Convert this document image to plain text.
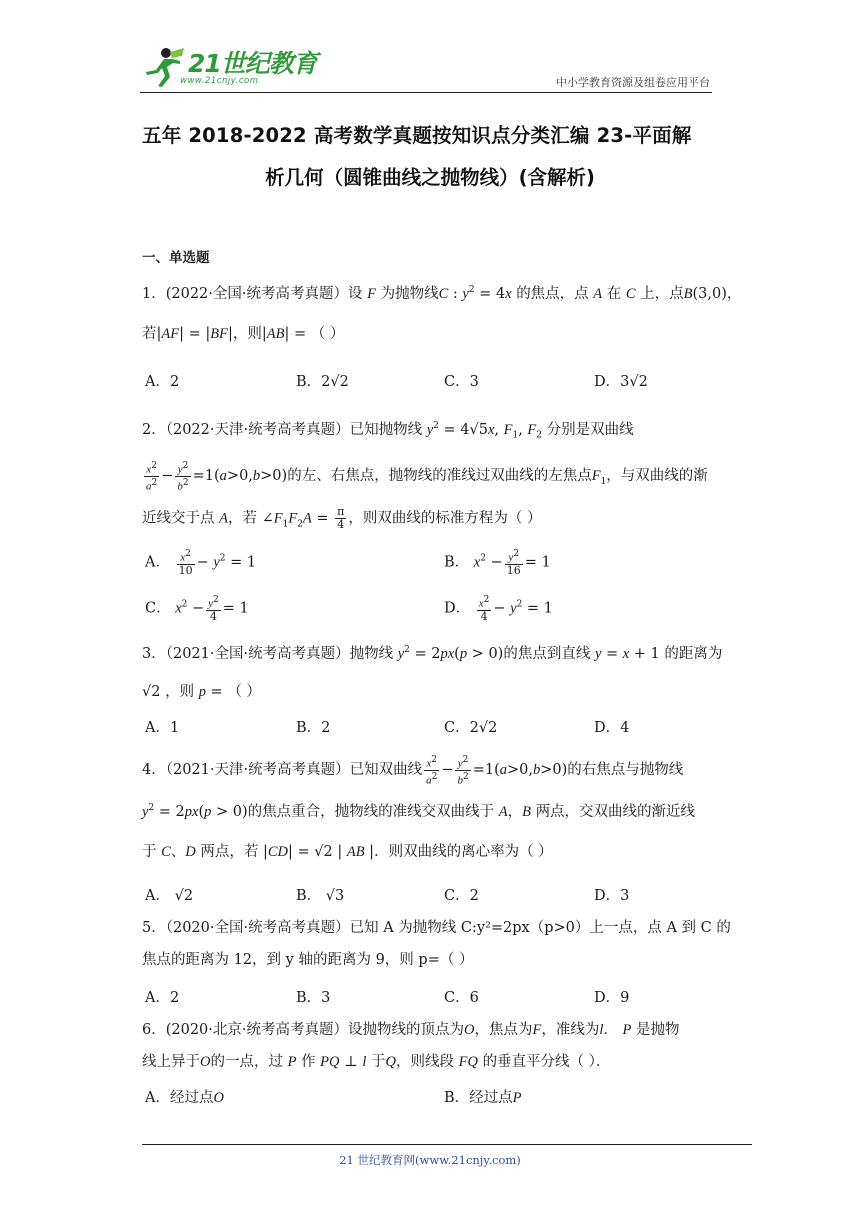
21世纪教育
www.21cnjy.com	中小学教育资源及组卷应用平台
五年 2018-2022 高考数学真题按知识点分类汇编 23-平面解
析几何（圆锥曲线之抛物线）(含解析)
一、单选题
1．(2022·全国·统考高考真题）设 F 为抛物线C : $y^2 = 4x$ 的焦点，点 A 在 C 上，点B(3,0)，
若|AF| = |BF|，则|AB| = （ ）
A．2	B．2√2	C．3	D．3√2
2．（2022·天津·统考高考真题）已知抛物线 $y^2 = 4√5x$, $F_1$, $F_2$ 分别是双曲线
$\frac{x^2}{a^2} - \frac{y^2}{b^2} =1(a>0,b>0)$的左、右焦点，抛物线的准线过双曲线的左焦点$F_1$，与双曲线的渐
近线交于点 A，若 $\angle F_1F_2A = \frac{\pi}{4}$ ，则双曲线的标准方程为（ ）
A． $\frac{x^2}{10} - y^2 = 1$	B． $x^2 - \frac{y^2}{16} = 1$
C． $x^2 - \frac{y^2}{4} = 1$	D． $\frac{x^2}{4} - y^2 = 1$
3．（2021·全国·统考高考真题）抛物线 $y^2 = 2px(p > 0)$的焦点到直线 y = x + 1 的距离为
√2 ，则 p = （ ）
A．1	B．2	C．2√2	D．4
4．（2021·天津·统考高考真题）已知双曲线 $\frac{x^2}{a^2} - \frac{y^2}{b^2} =1(a>0,b>0)$的右焦点与抛物线
$y^2 = 2px(p > 0)$的焦点重合，抛物线的准线交双曲线于 A，B 两点，交双曲线的渐近线
于 C、D 两点，若 |CD| = √2 | AB |．则双曲线的离心率为（ ）
A． √2	B． √3	C．2	D．3
5．（2020·全国·统考高考真题）已知 A 为抛物线 C:y²=2px（p>0）上一点，点 A 到 C 的
焦点的距离为 12，到 y 轴的距离为 9，则 p=（ ）
A．2	B．3	C．6	D．9
6．(2020·北京·统考高考真题）设抛物线的顶点为O，焦点为F，准线为l． P 是抛物
线上异于O的一点，过 P 作 PQ ⊥ l 于Q，则线段 FQ 的垂直平分线（ ）．
A．经过点O	B．经过点P
21 世纪教育网(www.21cnjy.com)
